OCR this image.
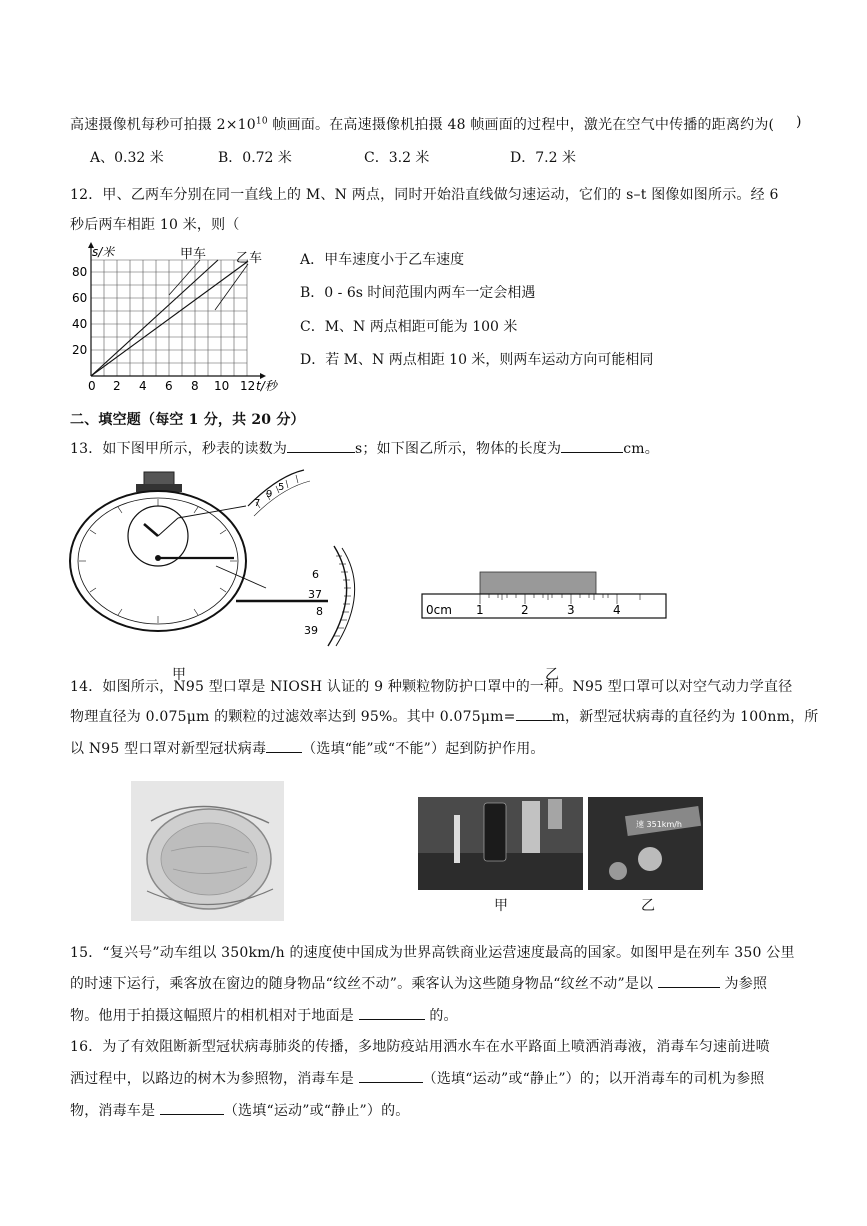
高速摄像机每秒可拍摄 $2\times 10^{10}$ 帧画面。在高速摄像机拍摄 48 帧画面的过程中，激光在空气中传播的距离约为( )
A、0.32 米	B．0.72 米	C．3.2 米	D．7.2 米
12．甲、乙两车分别在同一直线上的 M、N 两点，同时开始沿直线做匀速运动，它们的 s–t 图像如图所示。经 6
秒后两车相距 10 米，则（
s/米
t/秒
甲车 乙车
0 2 4 6 8 10 12
20
40
60
80
A．甲车速度小于乙车速度
B．0 - 6s 时间范围内两车一定会相遇
C．M、N 两点相距可能为 100 米
D．若 M、N 两点相距 10 米，则两车运动方向可能相同
二、填空题（每空 1 分，共 20 分）
13．如下图甲所示，秒表的读数为	s；如下图乙所示，物体的长度为	cm。
5
9
7
6
37
8
39
甲
0cm 1	2	3	4
乙
14．如图所示，N95 型口罩是 NIOSH 认证的 9 种颗粒物防护口罩中的一种。N95 型口罩可以对空气动力学直径
物理直径为 0.075μm 的颗粒的过滤效率达到 95%。其中 0.075μm=	m，新型冠状病毒的直径约为 100nm，所
以 N95 型口罩对新型冠状病毒	（选填“能”或“不能”）起到防护作用。
速 351km/h
甲	乙
15．“复兴号”动车组以 350km/h 的速度使中国成为世界高铁商业运营速度最高的国家。如图甲是在列车 350 公里
的时速下运行，乘客放在窗边的随身物品“纹丝不动”。乘客认为这些随身物品“纹丝不动”是以	为参照
物。他用于拍摄这幅照片的相机相对于地面是	的。
16．为了有效阻断新型冠状病毒肺炎的传播，多地防疫站用洒水车在水平路面上喷洒消毒液，消毒车匀速前进喷
洒过程中，以路边的树木为参照物，消毒车是	（选填“运动”或“静止”）的；以开消毒车的司机为参照
物，消毒车是	（选填“运动”或“静止”）的。
